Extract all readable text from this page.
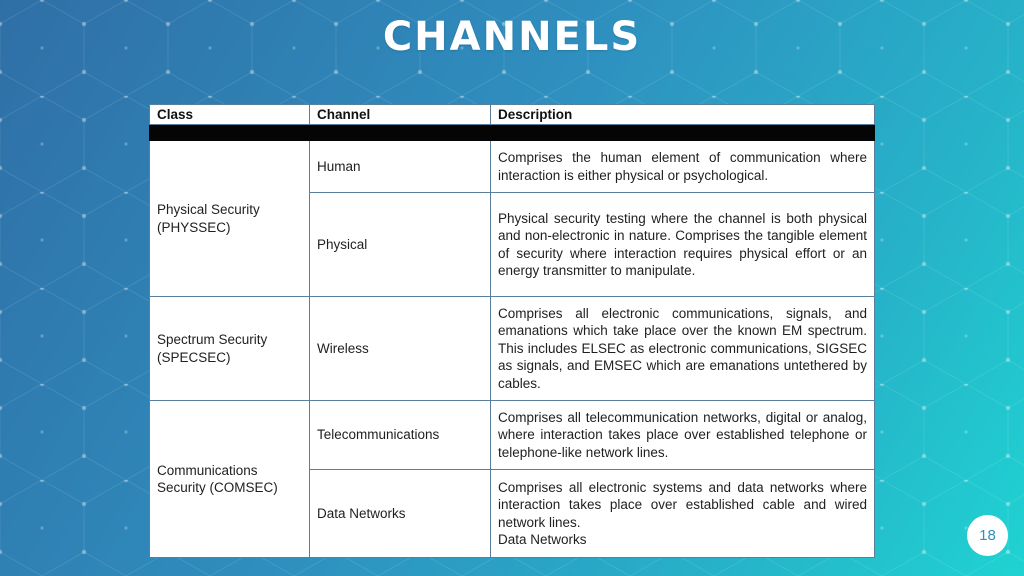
CHANNELS
Class	Channel	Description

Physical Security (PHYSSEC)	Human	Comprises the human element of communication where interaction is either physical or psychological.
	Physical	Physical security testing where the channel is both physical and non-electronic in nature. Comprises the tangible element of security where interaction requires physical effort or an energy transmitter to manipulate.
Spectrum Security (SPECSEC)	Wireless	Comprises all electronic communications, signals, and emanations which take place over the known EM spectrum. This includes ELSEC as electronic communications, SIGSEC as signals, and EMSEC which are emanations untethered by cables.
Communications Security (COMSEC)	Telecommunications	Comprises all telecommunication networks, digital or analog, where interaction takes place over established telephone or telephone-like network lines.
	Data Networks	Comprises all electronic systems and data networks where interaction takes place over established cable and wired network lines.
Data Networks	18
